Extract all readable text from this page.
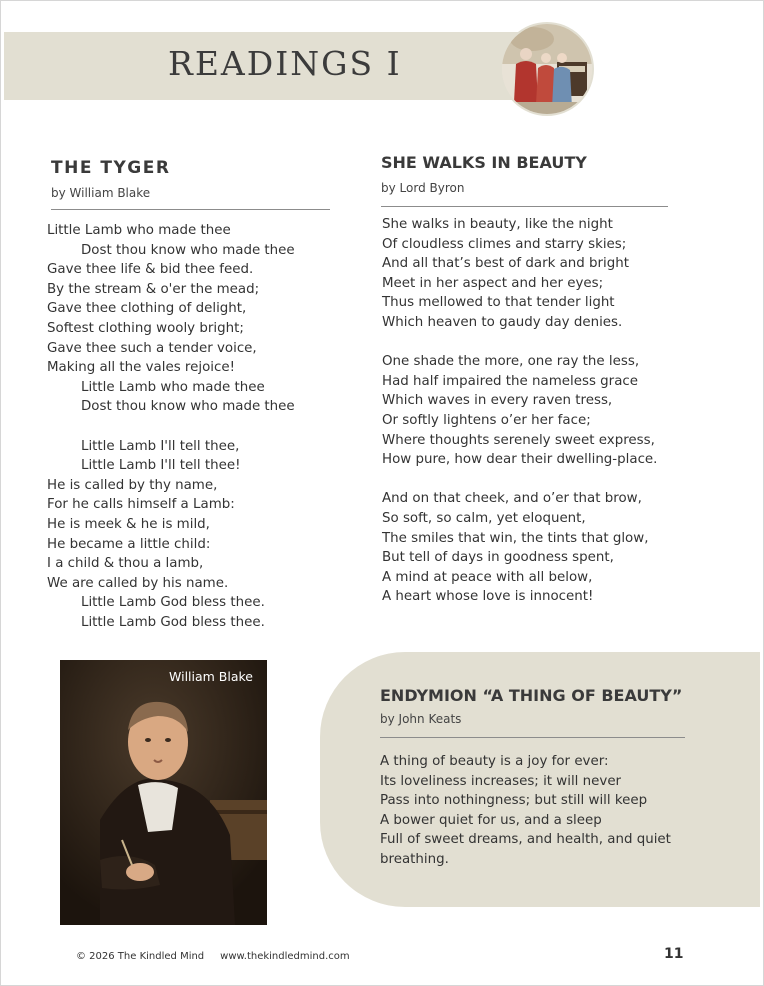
READINGS I
THE TYGER
by William Blake
Little Lamb who made thee
Dost thou know who made thee
Gave thee life & bid thee feed.
By the stream & o'er the mead;
Gave thee clothing of delight,
Softest clothing wooly bright;
Gave thee such a tender voice,
Making all the vales rejoice!
Little Lamb who made thee
Dost thou know who made thee
Little Lamb I'll tell thee,
Little Lamb I'll tell thee!
He is called by thy name,
For he calls himself a Lamb:
He is meek & he is mild,
He became a little child:
I a child & thou a lamb,
We are called by his name.
Little Lamb God bless thee.
Little Lamb God bless thee.
SHE WALKS IN BEAUTY
by Lord Byron
She walks in beauty, like the night
Of cloudless climes and starry skies;
And all that’s best of dark and bright
Meet in her aspect and her eyes;
Thus mellowed to that tender light
Which heaven to gaudy day denies.
One shade the more, one ray the less,
Had half impaired the nameless grace
Which waves in every raven tress,
Or softly lightens o’er her face;
Where thoughts serenely sweet express,
How pure, how dear their dwelling-place.
And on that cheek, and o’er that brow,
So soft, so calm, yet eloquent,
The smiles that win, the tints that glow,
But tell of days in goodness spent,
A mind at peace with all below,
A heart whose love is innocent!
William Blake
ENDYMION “A THING OF BEAUTY”
by John Keats
A thing of beauty is a joy for ever:
Its loveliness increases; it will never
Pass into nothingness; but still will keep
A bower quiet for us, and a sleep
Full of sweet dreams, and health, and quiet
breathing.
© 2026 The Kindled Mind www.thekindledmind.com	11
